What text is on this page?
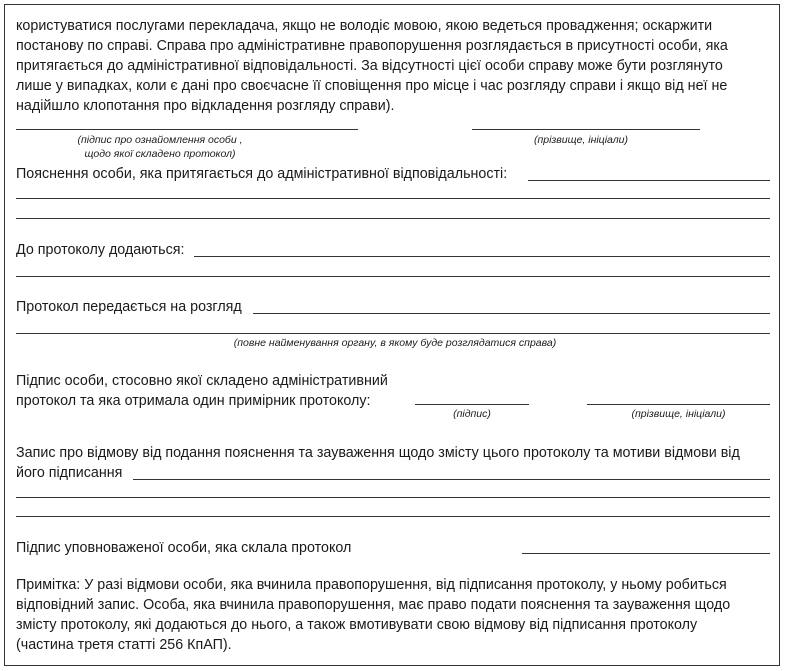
користуватися послугами перекладача, якщо не володіє мовою, якою ведеться провадження; оскаржити
постанову по справі. Справа про адміністративне правопорушення розглядається в присутності особи, яка
притягається до адміністративної відповідальності. За відсутності цієї особи справу може бути розглянуто
лише у випадках, коли є дані про своєчасне її сповіщення про місце і час розгляду справи і якщо від неї не
надійшло клопотання про відкладення розгляду справи).
(підпис про ознайомлення особи ,
щодо якої складено протокол)
(прізвище, ініціали)
Пояснення особи, яка притягається до адміністративної відповідальності:
До протоколу додаються:
Протокол передається на розгляд
(повне найменування органу, в якому буде розглядатися справа)
Підпис особи, стосовно якої складено адміністративний
протокол та яка отримала один примірник протоколу:
(підпис)	(прізвище, ініціали)
Запис про відмову від подання пояснення та зауваження щодо змісту цього протоколу та мотиви відмови від
його підписання
Підпис уповноваженої особи, яка склала протокол
Примітка: У разі відмови особи, яка вчинила правопорушення, від підписання протоколу, у ньому робиться
відповідний запис. Особа, яка вчинила правопорушення, має право подати пояснення та зауваження щодо
змісту протоколу, які додаються до нього, а також вмотивувати свою відмову від підписання протоколу
(частина третя статті 256 КпАП).
